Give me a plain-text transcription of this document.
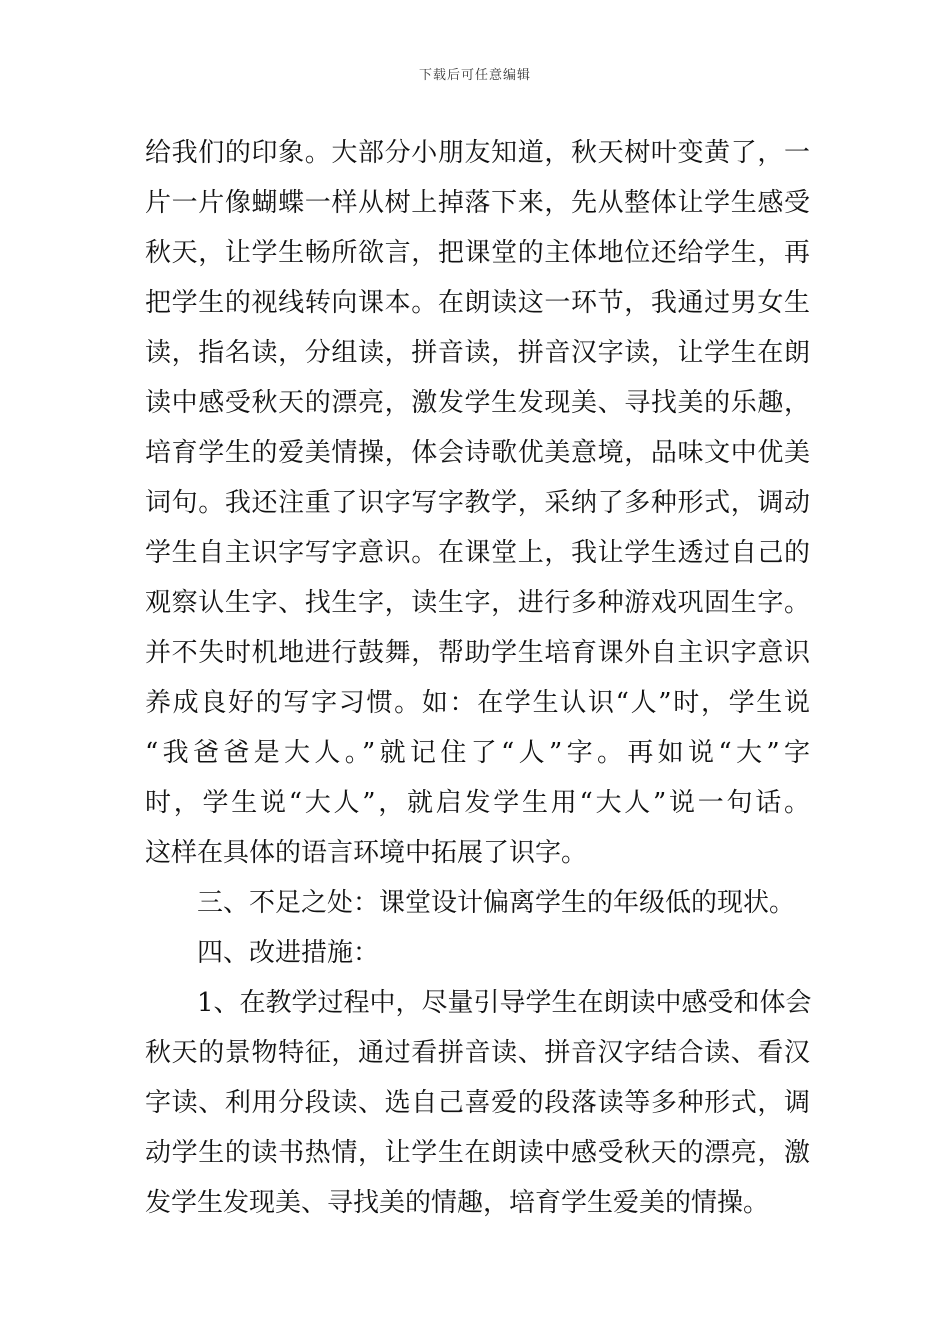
下载后可任意编辑
给我们的印象。大部分小朋友知道，秋天树叶变黄了，一
片一片像蝴蝶一样从树上掉落下来，先从整体让学生感受
秋天，让学生畅所欲言，把课堂的主体地位还给学生，再
把学生的视线转向课本。在朗读这一环节，我通过男女生
读，指名读，分组读，拼音读，拼音汉字读，让学生在朗
读中感受秋天的漂亮，激发学生发现美、寻找美的乐趣，
培育学生的爱美情操，体会诗歌优美意境，品味文中优美
词句。我还注重了识字写字教学，采纳了多种形式，调动
学生自主识字写字意识。在课堂上，我让学生透过自己的
观察认生字、找生字，读生字，进行多种游戏巩固生字。
并不失时机地进行鼓舞，帮助学生培育课外自主识字意识
养成良好的写字习惯。如：在学生认识“人”时，学生说
“我爸爸是大人。”就记住了“人”字。再如说“大”字
时，学生说“大人”，就启发学生用“大人”说一句话。
这样在具体的语言环境中拓展了识字。
三、不足之处：课堂设计偏离学生的年级低的现状。
四、改进措施：
1、在教学过程中，尽量引导学生在朗读中感受和体会
秋天的景物特征，通过看拼音读、拼音汉字结合读、看汉
字读、利用分段读、选自己喜爱的段落读等多种形式，调
动学生的读书热情，让学生在朗读中感受秋天的漂亮，激
发学生发现美、寻找美的情趣，培育学生爱美的情操。
